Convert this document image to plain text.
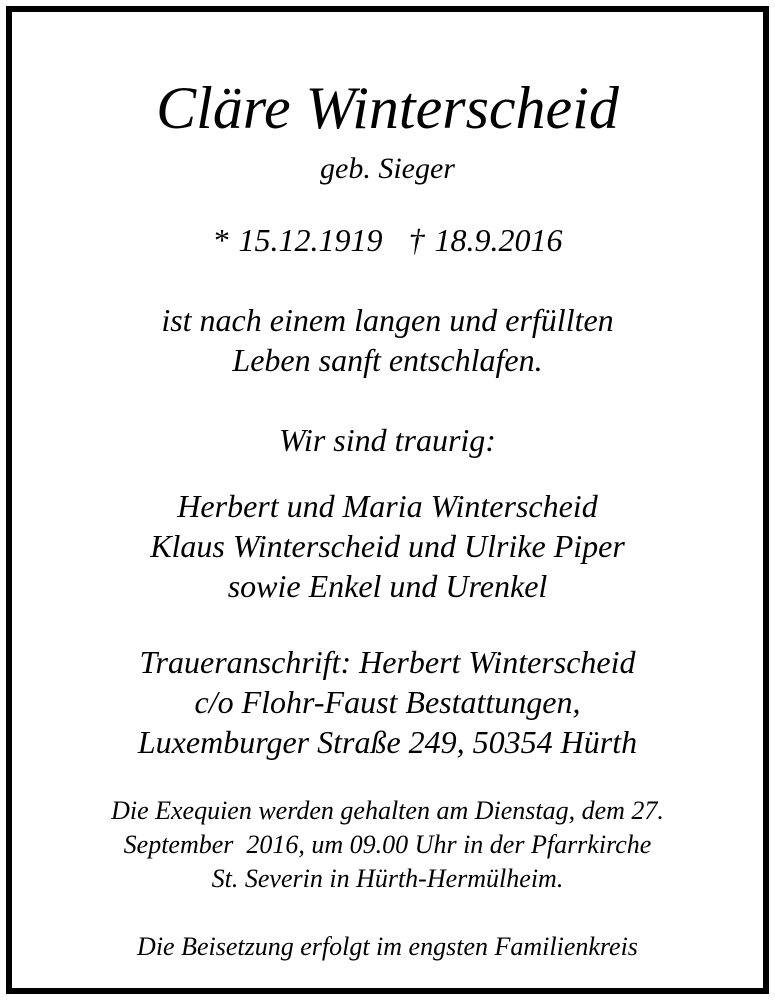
Cläre Winterscheid
geb. Sieger
* 15.12.1919 † 18.9.2016
ist nach einem langen und erfüllten
Leben sanft entschlafen.
Wir sind traurig:
Herbert und Maria Winterscheid
Klaus Winterscheid und Ulrike Piper
sowie Enkel und Urenkel
Traueranschrift: Herbert Winterscheid
c/o Flohr-Faust Bestattungen,
Luxemburger Straße 249, 50354 Hürth
Die Exequien werden gehalten am Dienstag, dem 27.
September  2016, um 09.00 Uhr in der Pfarrkirche
St. Severin in Hürth-Hermülheim.
Die Beisetzung erfolgt im engsten Familienkreis
